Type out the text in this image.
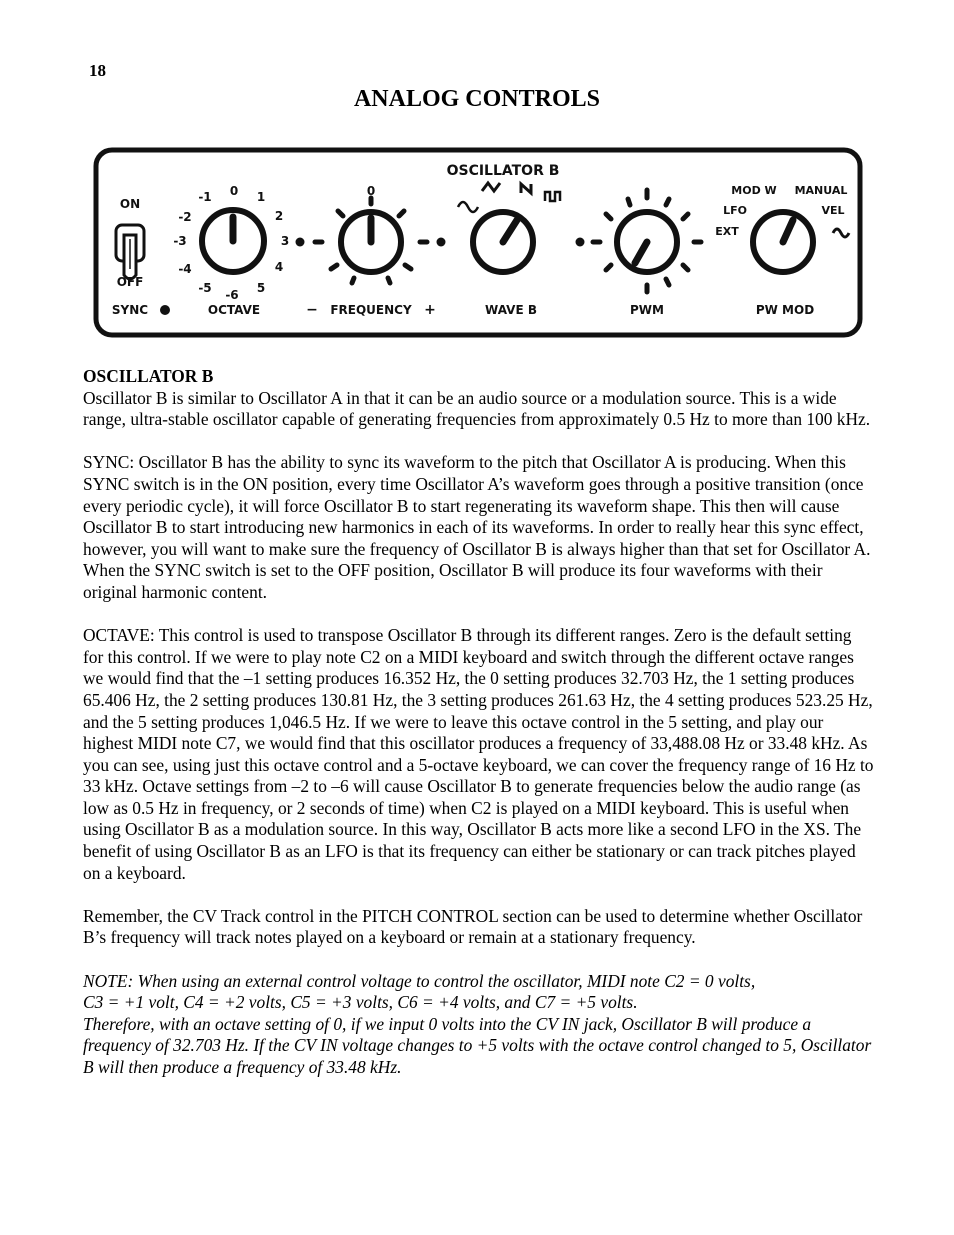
18
ANALOG CONTROLS
OSCILLATOR B
ON
OFF
SYNC
-1 0 1
-2	2
-3	3
-4	4
-5 -6 5
OCTAVE
0
− FREQUENCY +	WAVE B	PWM
MOD W MANUAL
LFO	VEL
EXT
PW MOD

OSCILLATOR B
Oscillator B is similar to Oscillator A in that it can be an audio source or a modulation source. This is a wide range, ultra-stable oscillator capable of generating frequencies from approximately 0.5 Hz to more than 100 kHz.

SYNC: Oscillator B has the ability to sync its waveform to the pitch that Oscillator A is producing. When this SYNC switch is in the ON position, every time Oscillator A’s waveform goes through a positive transition (once every periodic cycle), it will force Oscillator B to start regenerating its waveform shape. This then will cause Oscillator B to start introducing new harmonics in each of its waveforms. In order to really hear this sync effect, however, you will want to make sure the frequency of Oscillator B is always higher than that set for Oscillator A. When the SYNC switch is set to the OFF position, Oscillator B will produce its four waveforms with their original harmonic content.

OCTAVE: This control is used to transpose Oscillator B through its different ranges. Zero is the default setting for this control. If we were to play note C2 on a MIDI keyboard and switch through the different octave ranges we would find that the –1 setting produces 16.352 Hz, the 0 setting produces 32.703 Hz, the 1 setting produces 65.406 Hz, the 2 setting produces 130.81 Hz, the 3 setting produces 261.63 Hz, the 4 setting produces 523.25 Hz, and the 5 setting produces 1,046.5 Hz. If we were to leave this octave control in the 5 setting, and play our highest MIDI note C7, we would find that this oscillator produces a frequency of 33,488.08 Hz or 33.48 kHz. As you can see, using just this octave control and a 5-octave keyboard, we can cover the frequency range of 16 Hz to 33 kHz. Octave settings from –2 to –6 will cause Oscillator B to generate frequencies below the audio range (as low as 0.5 Hz in frequency, or 2 seconds of time) when C2 is played on a MIDI keyboard. This is useful when using Oscillator B as a modulation source. In this way, Oscillator B acts more like a second LFO in the XS. The benefit of using Oscillator B as an LFO is that its frequency can either be stationary or can track pitches played on a keyboard.

Remember, the CV Track control in the PITCH CONTROL section can be used to determine whether Oscillator B’s frequency will track notes played on a keyboard or remain at a stationary frequency.

NOTE: When using an external control voltage to control the oscillator, MIDI note C2 = 0 volts,
C3 = +1 volt, C4 = +2 volts, C5 = +3 volts, C6 = +4 volts, and C7 = +5 volts.
Therefore, with an octave setting of 0, if we input 0 volts into the CV IN jack, Oscillator B will produce a frequency of 32.703 Hz. If the CV IN voltage changes to +5 volts with the octave control changed to 5, Oscillator B will then produce a frequency of 33.48 kHz.
